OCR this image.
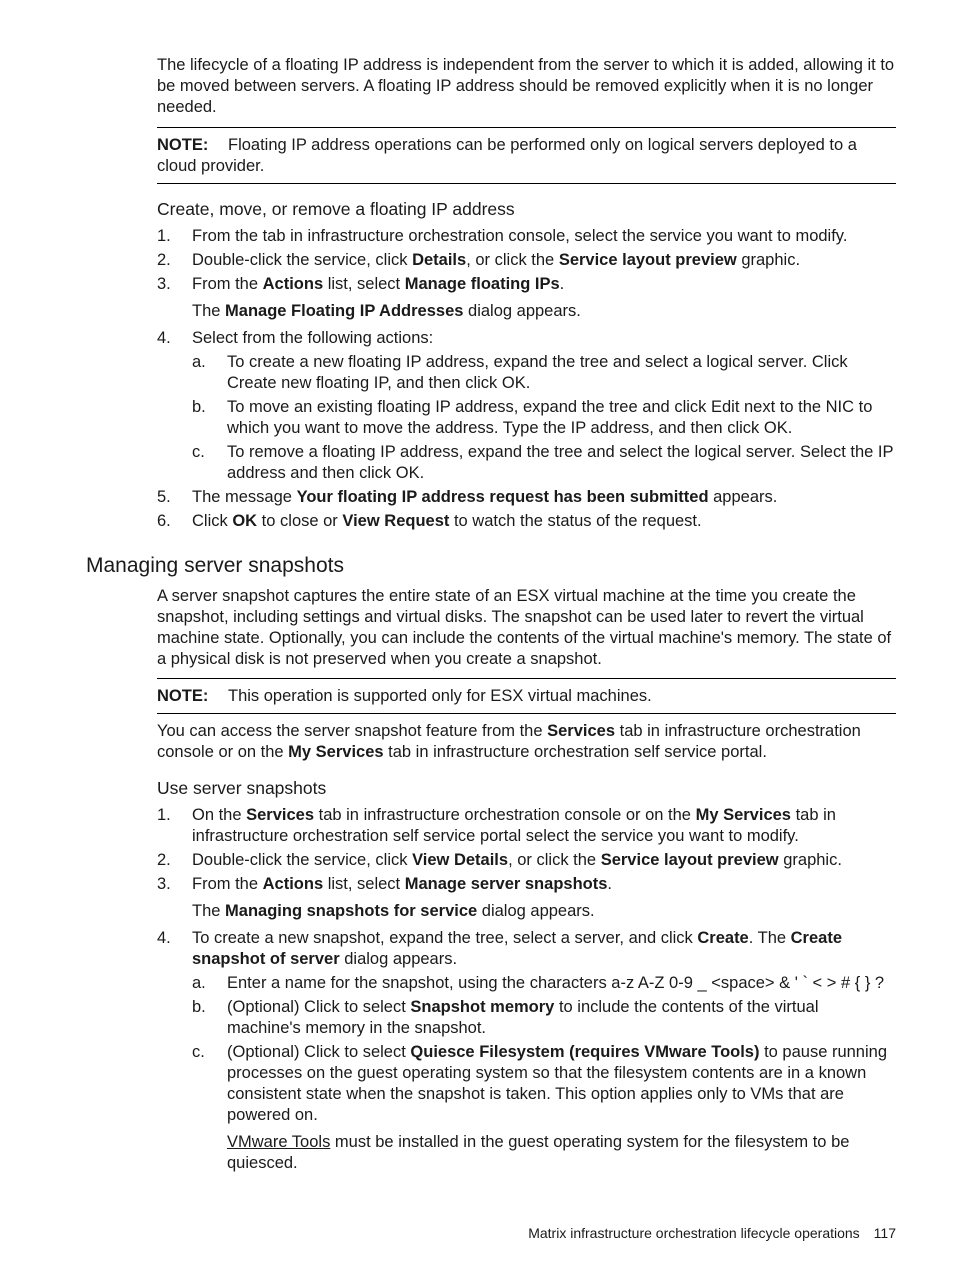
The lifecycle of a floating IP address is independent from the server to which it is added, allowing it to be moved between servers. A floating IP address should be removed explicitly when it is no longer needed.

NOTE: Floating IP address operations can be performed only on logical servers deployed to a cloud provider.

Create, move, or remove a floating IP address

1. From the tab in infrastructure orchestration console, select the service you want to modify.
2. Double-click the service, click Details, or click the Service layout preview graphic.
3. From the Actions list, select Manage floating IPs.

The Manage Floating IP Addresses dialog appears.

4. Select from the following actions:
a. To create a new floating IP address, expand the tree and select a logical server. Click Create new floating IP, and then click OK.
b. To move an existing floating IP address, expand the tree and click Edit next to the NIC to which you want to move the address. Type the IP address, and then click OK.
c. To remove a floating IP address, expand the tree and select the logical server. Select the IP address and then click OK.
5. The message Your floating IP address request has been submitted appears.
6. Click OK to close or View Request to watch the status of the request.
Managing server snapshots

A server snapshot captures the entire state of an ESX virtual machine at the time you create the snapshot, including settings and virtual disks. The snapshot can be used later to revert the virtual machine state. Optionally, you can include the contents of the virtual machine's memory. The state of a physical disk is not preserved when you create a snapshot.

NOTE: This operation is supported only for ESX virtual machines.

You can access the server snapshot feature from the Services tab in infrastructure orchestration console or on the My Services tab in infrastructure orchestration self service portal.

Use server snapshots

1. On the Services tab in infrastructure orchestration console or on the My Services tab in infrastructure orchestration self service portal select the service you want to modify.
2. Double-click the service, click View Details, or click the Service layout preview graphic.
3. From the Actions list, select Manage server snapshots.

The Managing snapshots for service dialog appears.

4. To create a new snapshot, expand the tree, select a server, and click Create. The Create snapshot of server dialog appears.
a. Enter a name for the snapshot, using the characters a-z A-Z 0-9 _ <space> & ' ` < > # { } ?
b. (Optional) Click to select Snapshot memory to include the contents of the virtual machine's memory in the snapshot.
c. (Optional) Click to select Quiesce Filesystem (requires VMware Tools) to pause running processes on the guest operating system so that the filesystem contents are in a known consistent state when the snapshot is taken. This option applies only to VMs that are powered on.

VMware Tools must be installed in the guest operating system for the filesystem to be quiesced.

Matrix infrastructure orchestration lifecycle operations 117
